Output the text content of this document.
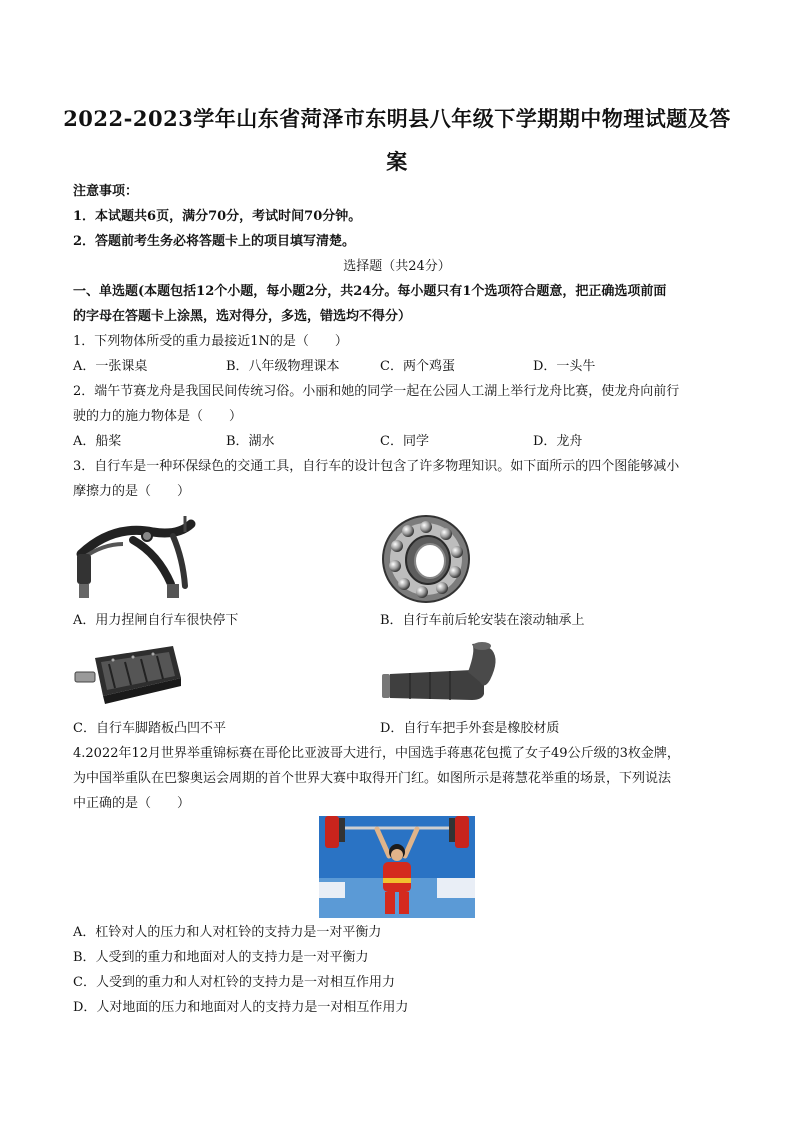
2022-2023学年山东省菏泽市东明县八年级下学期期中物理试题及答
案
注意事项：
1．本试题共6页，满分70分，考试时间70分钟。
2．答题前考生务必将答题卡上的项目填写清楚。
选择题（共24分）
一、单选题(本题包括12个小题，每小题2分，共24分。每小题只有1个选项符合题意，把正确选项前面
的字母在答题卡上涂黑，选对得分，多选，错选均不得分）
1．下列物体所受的重力最接近1N的是（　　）
A．一张课桌	B．八年级物理课本	C．两个鸡蛋	D．一头牛
2．端午节赛龙舟是我国民间传统习俗。小丽和她的同学一起在公园人工湖上举行龙舟比赛，使龙舟向前行
驶的力的施力物体是（　　）
A．船桨	B．湖水	C．同学	D．龙舟
3．自行车是一种环保绿色的交通工具，自行车的设计包含了许多物理知识。如下面所示的四个图能够减小
摩擦力的是（　　）
A．用力捏闸自行车很快停下	B．自行车前后轮安装在滚动轴承上
C．自行车脚踏板凸凹不平	D．自行车把手外套是橡胶材质
4.2022年12月世界举重锦标赛在哥伦比亚波哥大进行，中国选手蒋惠花包揽了女子49公斤级的3枚金牌，
为中国举重队在巴黎奥运会周期的首个世界大赛中取得开门红。如图所示是蒋慧花举重的场景，下列说法
中正确的是（　　）
A．杠铃对人的压力和人对杠铃的支持力是一对平衡力
B．人受到的重力和地面对人的支持力是一对平衡力
C．人受到的重力和人对杠铃的支持力是一对相互作用力
D．人对地面的压力和地面对人的支持力是一对相互作用力
